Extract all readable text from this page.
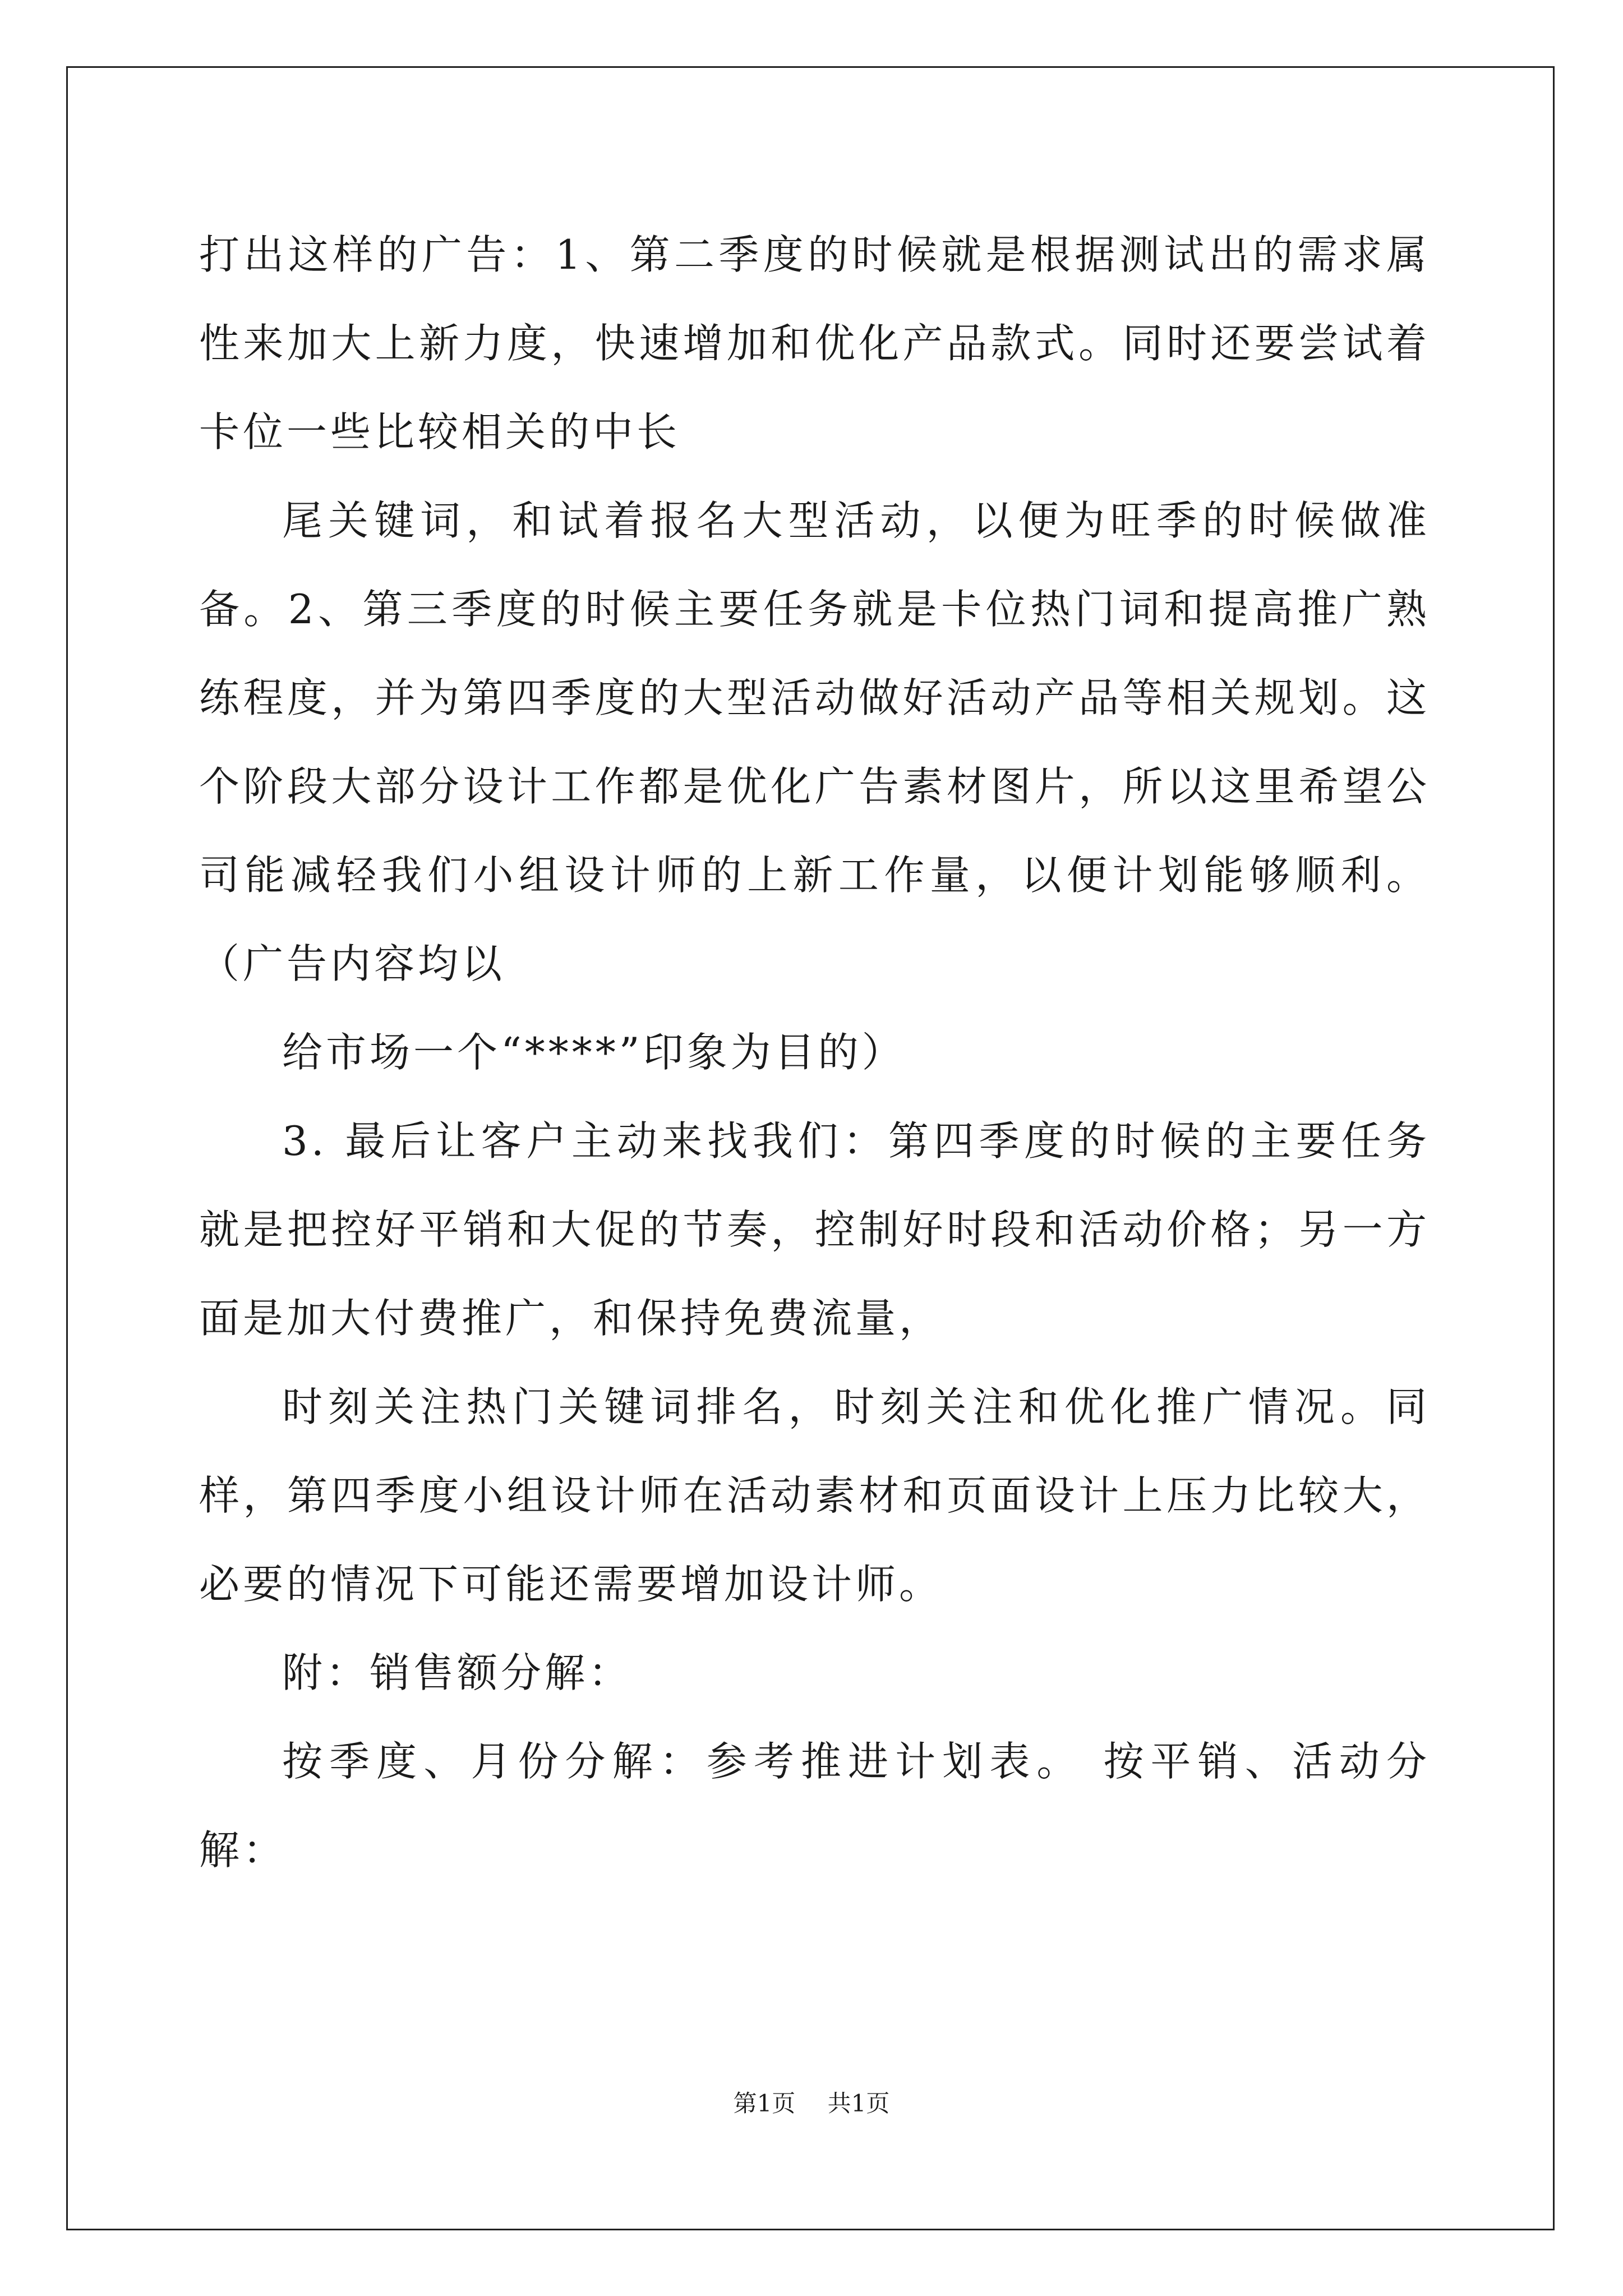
打出这样的广告：1、第二季度的时候就是根据测试出的需求属性来加大上新力度，快速增加和优化产品款式。同时还要尝试着卡位一些比较相关的中长

尾关键词，和试着报名大型活动，以便为旺季的时候做准备。2、第三季度的时候主要任务就是卡位热门词和提高推广熟练程度，并为第四季度的大型活动做好活动产品等相关规划。这个阶段大部分设计工作都是优化广告素材图片，所以这里希望公司能减轻我们小组设计师的上新工作量，以便计划能够顺利。（广告内容均以

给市场一个“****”印象为目的）

3. 最后让客户主动来找我们：第四季度的时候的主要任务就是把控好平销和大促的节奏，控制好时段和活动价格；另一方面是加大付费推广，和保持免费流量，

时刻关注热门关键词排名，时刻关注和优化推广情况。同样，第四季度小组设计师在活动素材和页面设计上压力比较大，必要的情况下可能还需要增加设计师。

附：销售额分解：

按季度、月份分解：参考推进计划表。 按平销、活动分解：

第1页 共1页
